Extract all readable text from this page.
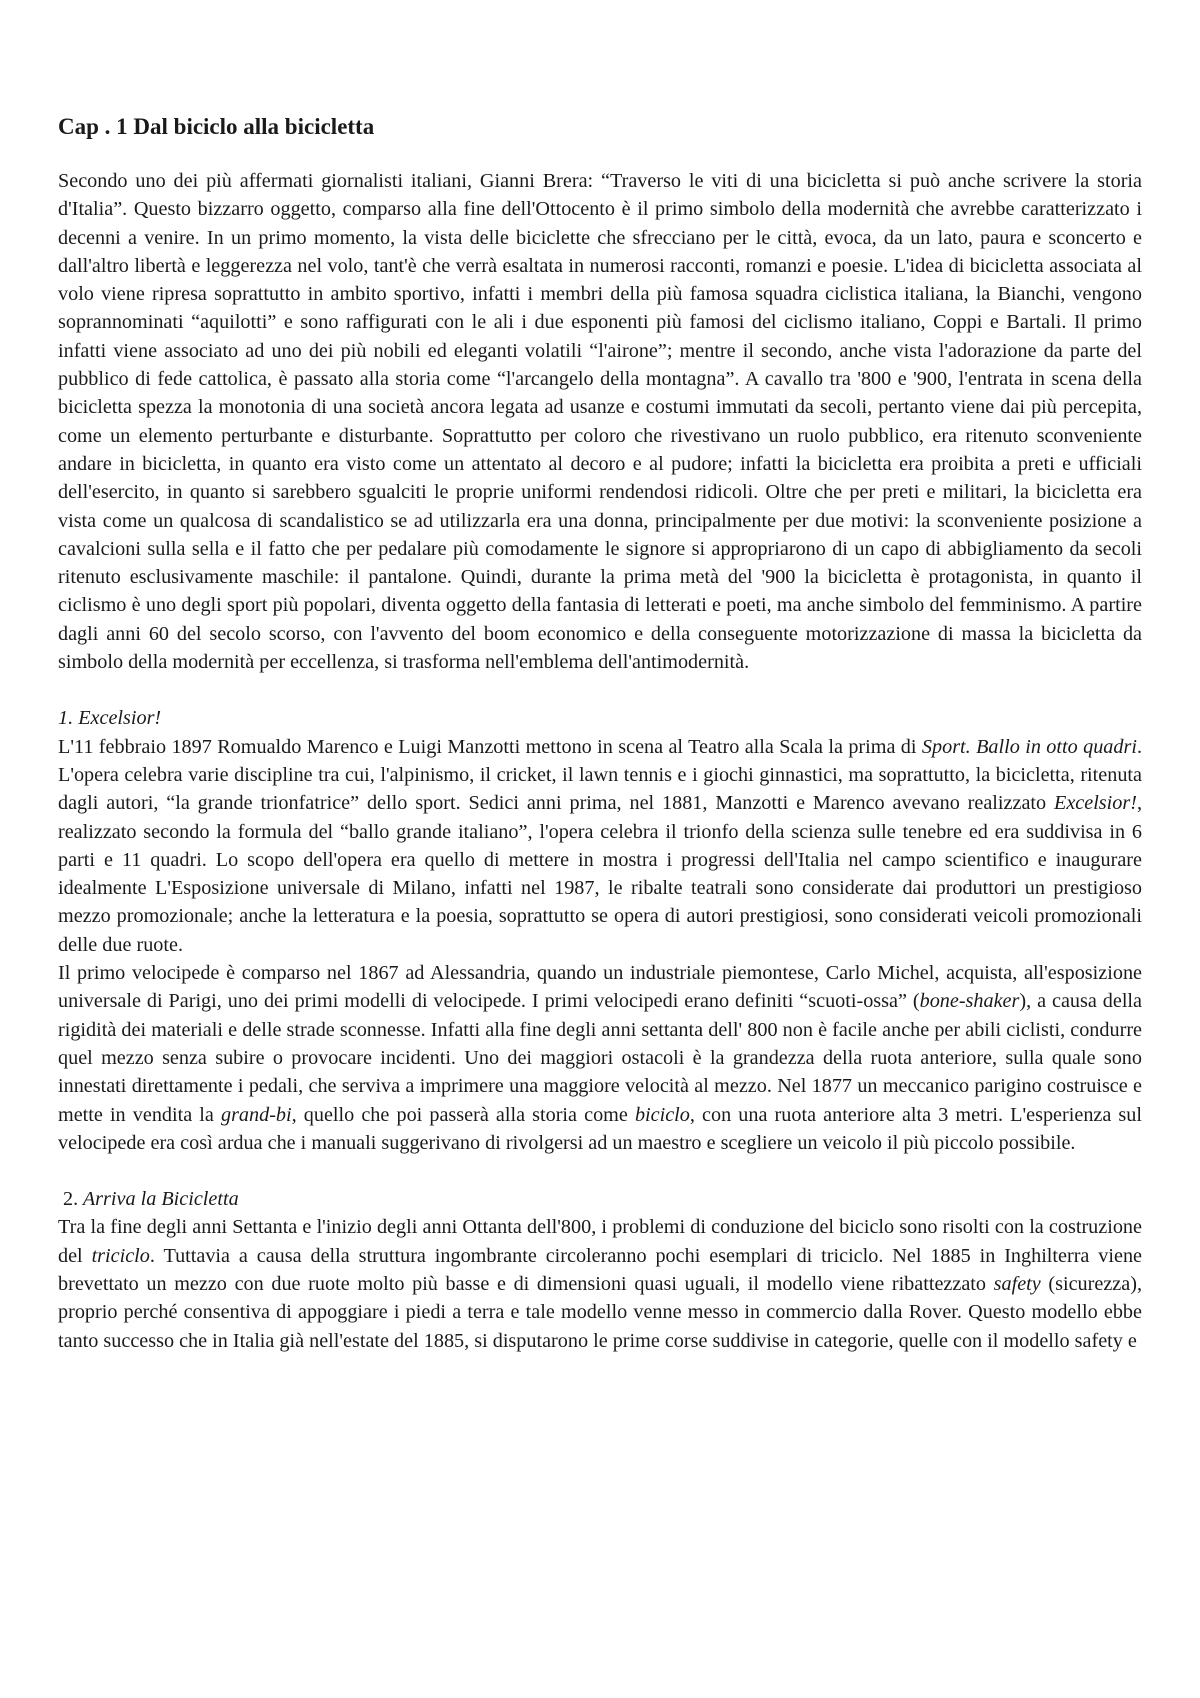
Cap . 1 Dal biciclo alla bicicletta

Secondo uno dei più affermati giornalisti italiani, Gianni Brera: “Traverso le viti di una bicicletta si può anche scrivere la storia d'Italia”. Questo bizzarro oggetto, comparso alla fine dell'Ottocento è il primo simbolo della modernità che avrebbe caratterizzato i decenni a venire. In un primo momento, la vista delle biciclette che sfrecciano per le città, evoca, da un lato, paura e sconcerto e dall'altro libertà e leggerezza nel volo, tant'è che verrà esaltata in numerosi racconti, romanzi e poesie. L'idea di bicicletta associata al volo viene ripresa soprattutto in ambito sportivo, infatti i membri della più famosa squadra ciclistica italiana, la Bianchi, vengono soprannominati “aquilotti” e sono raffigurati con le ali i due esponenti più famosi del ciclismo italiano, Coppi e Bartali. Il primo infatti viene associato ad uno dei più nobili ed eleganti volatili “l'airone”; mentre il secondo, anche vista l'adorazione da parte del pubblico di fede cattolica, è passato alla storia come “l'arcangelo della montagna”. A cavallo tra '800 e '900, l'entrata in scena della bicicletta spezza la monotonia di una società ancora legata ad usanze e costumi immutati da secoli, pertanto viene dai più percepita, come un elemento perturbante e disturbante. Soprattutto per coloro che rivestivano un ruolo pubblico, era ritenuto sconveniente andare in bicicletta, in quanto era visto come un attentato al decoro e al pudore; infatti la bicicletta era proibita a preti e ufficiali dell'esercito, in quanto si sarebbero sgualciti le proprie uniformi rendendosi ridicoli. Oltre che per preti e militari, la bicicletta era vista come un qualcosa di scandalistico se ad utilizzarla era una donna, principalmente per due motivi: la sconveniente posizione a cavalcioni sulla sella e il fatto che per pedalare più comodamente le signore si appropriarono di un capo di abbigliamento da secoli ritenuto esclusivamente maschile: il pantalone. Quindi, durante la prima metà del '900 la bicicletta è protagonista, in quanto il ciclismo è uno degli sport più popolari, diventa oggetto della fantasia di letterati e poeti, ma anche simbolo del femminismo. A partire dagli anni 60 del secolo scorso, con l'avvento del boom economico e della conseguente motorizzazione di massa la bicicletta da simbolo della modernità per eccellenza, si trasforma nell'emblema dell'antimodernità.

1. Excelsior!

L'11 febbraio 1897 Romualdo Marenco e Luigi Manzotti mettono in scena al Teatro alla Scala la prima di Sport. Ballo in otto quadri. L'opera celebra varie discipline tra cui, l'alpinismo, il cricket, il lawn tennis e i giochi ginnastici, ma soprattutto, la bicicletta, ritenuta dagli autori, “la grande trionfatrice” dello sport. Sedici anni prima, nel 1881, Manzotti e Marenco avevano realizzato Excelsior!, realizzato secondo la formula del “ballo grande italiano”, l'opera celebra il trionfo della scienza sulle tenebre ed era suddivisa in 6 parti e 11 quadri. Lo scopo dell'opera era quello di mettere in mostra i progressi dell'Italia nel campo scientifico e inaugurare idealmente L'Esposizione universale di Milano, infatti nel 1987, le ribalte teatrali sono considerate dai produttori un prestigioso mezzo promozionale; anche la letteratura e la poesia, soprattutto se opera di autori prestigiosi, sono considerati veicoli promozionali delle due ruote.

Il primo velocipede è comparso nel 1867 ad Alessandria, quando un industriale piemontese, Carlo Michel, acquista, all'esposizione universale di Parigi, uno dei primi modelli di velocipede. I primi velocipedi erano definiti “scuoti-ossa” (bone-shaker), a causa della rigidità dei materiali e delle strade sconnesse. Infatti alla fine degli anni settanta dell' 800 non è facile anche per abili ciclisti, condurre quel mezzo senza subire o provocare incidenti. Uno dei maggiori ostacoli è la grandezza della ruota anteriore, sulla quale sono innestati direttamente i pedali, che serviva a imprimere una maggiore velocità al mezzo. Nel 1877 un meccanico parigino costruisce e mette in vendita la grand-bi, quello che poi passerà alla storia come biciclo, con una ruota anteriore alta 3 metri. L'esperienza sul velocipede era così ardua che i manuali suggerivano di rivolgersi ad un maestro e scegliere un veicolo il più piccolo possibile.

2. Arriva la Bicicletta

Tra la fine degli anni Settanta e l'inizio degli anni Ottanta dell'800, i problemi di conduzione del biciclo sono risolti con la costruzione del triciclo. Tuttavia a causa della struttura ingombrante circoleranno pochi esemplari di triciclo. Nel 1885 in Inghilterra viene brevettato un mezzo con due ruote molto più basse e di dimensioni quasi uguali, il modello viene ribattezzato safety (sicurezza), proprio perché consentiva di appoggiare i piedi a terra e tale modello venne messo in commercio dalla Rover. Questo modello ebbe tanto successo che in Italia già nell'estate del 1885, si disputarono le prime corse suddivise in categorie, quelle con il modello safety e
